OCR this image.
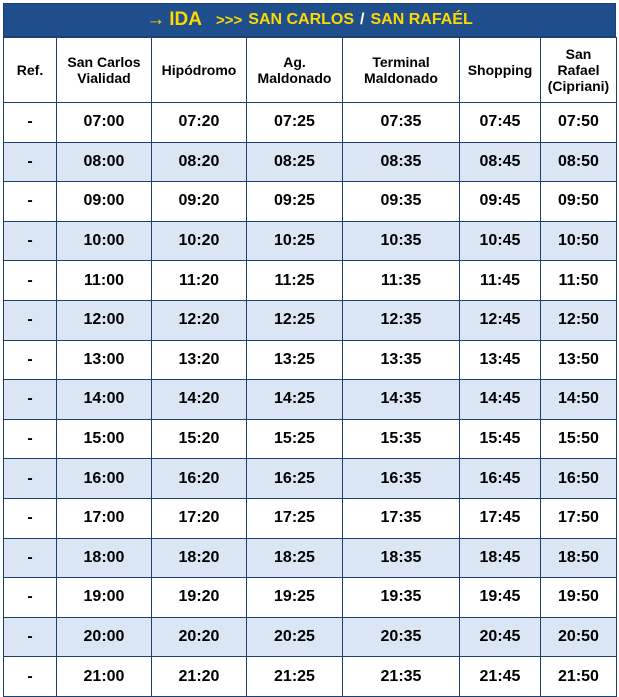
→ IDA >>> SAN CARLOS / SAN RAFAÉL
Ref.	San Carlos Vialidad	Hipódromo	Ag. Maldonado	Terminal Maldonado	Shopping	San Rafael (Cipriani)
-	07:00	07:20	07:25	07:35	07:45	07:50
-	08:00	08:20	08:25	08:35	08:45	08:50
-	09:00	09:20	09:25	09:35	09:45	09:50
-	10:00	10:20	10:25	10:35	10:45	10:50
-	11:00	11:20	11:25	11:35	11:45	11:50
-	12:00	12:20	12:25	12:35	12:45	12:50
-	13:00	13:20	13:25	13:35	13:45	13:50
-	14:00	14:20	14:25	14:35	14:45	14:50
-	15:00	15:20	15:25	15:35	15:45	15:50
-	16:00	16:20	16:25	16:35	16:45	16:50
-	17:00	17:20	17:25	17:35	17:45	17:50
-	18:00	18:20	18:25	18:35	18:45	18:50
-	19:00	19:20	19:25	19:35	19:45	19:50
-	20:00	20:20	20:25	20:35	20:45	20:50
-	21:00	21:20	21:25	21:35	21:45	21:50
